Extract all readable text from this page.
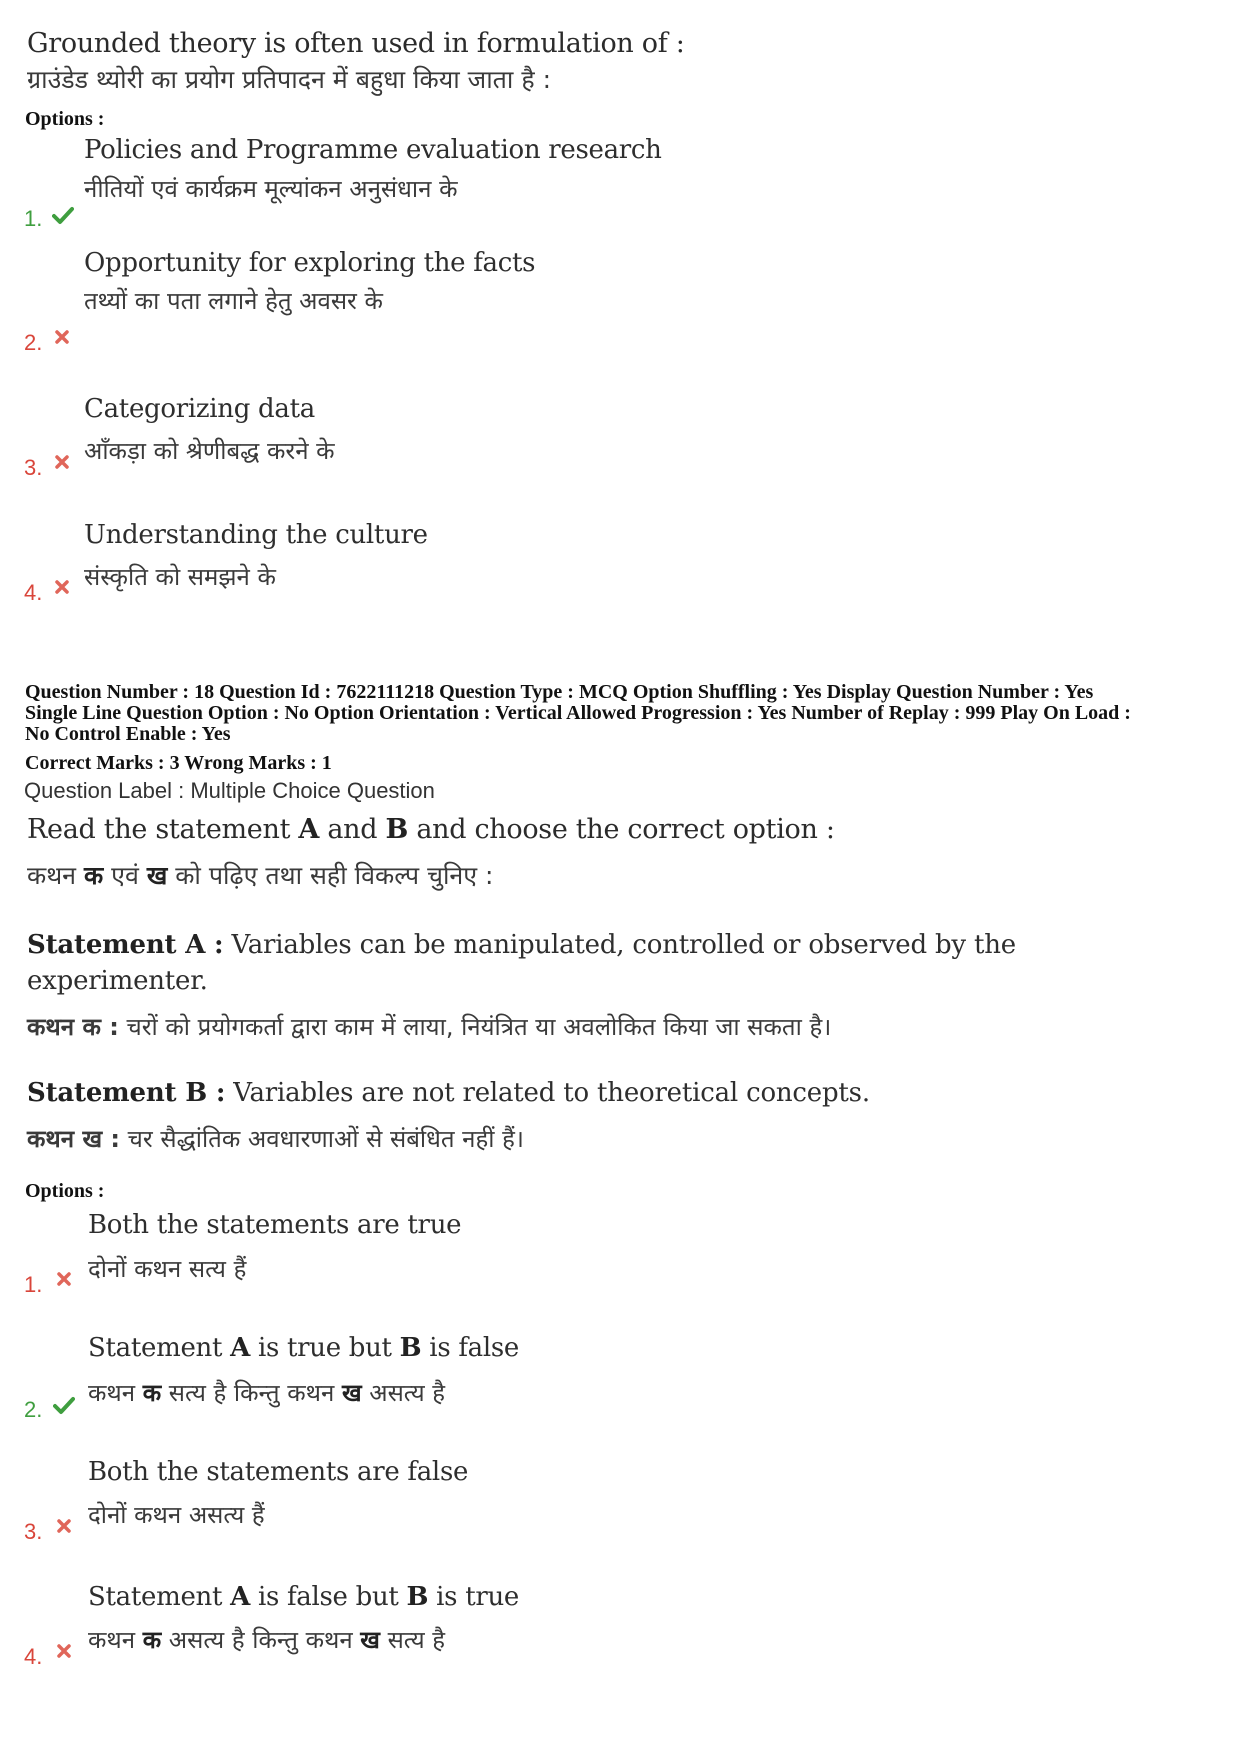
Grounded theory is often used in formulation of :
ग्राउंडेड थ्योरी का प्रयोग प्रतिपादन में बहुधा किया जाता है :
Options :
Policies and Programme evaluation research
नीतियों एवं कार्यक्रम मूल्यांकन अनुसंधान के
1.
Opportunity for exploring the facts
तथ्यों का पता लगाने हेतु अवसर के
2.
Categorizing data
आँकड़ा को श्रेणीबद्ध करने के
3.
Understanding the culture
संस्कृति को समझने के
4.
Question Number : 18 Question Id : 7622111218 Question Type : MCQ Option Shuffling : Yes Display Question Number : Yes
Single Line Question Option : No Option Orientation : Vertical Allowed Progression : Yes Number of Replay : 999 Play On Load :
No Control Enable : Yes
Correct Marks : 3 Wrong Marks : 1
Question Label : Multiple Choice Question
Read the statement A and B and choose the correct option :
कथन क एवं ख को पढ़िए तथा सही विकल्प चुनिए :
Statement A : Variables can be manipulated, controlled or observed by the
experimenter.
कथन क : चरों को प्रयोगकर्ता द्वारा काम में लाया, नियंत्रित या अवलोकित किया जा सकता है।
Statement B : Variables are not related to theoretical concepts.
कथन ख : चर सैद्धांतिक अवधारणाओं से संबंधित नहीं हैं।
Options :
Both the statements are true
दोनों कथन सत्य हैं
1.
Statement A is true but B is false
कथन क सत्य है किन्तु कथन ख असत्य है
2.
Both the statements are false
दोनों कथन असत्य हैं
3.
Statement A is false but B is true
कथन क असत्य है किन्तु कथन ख सत्य है
4.
